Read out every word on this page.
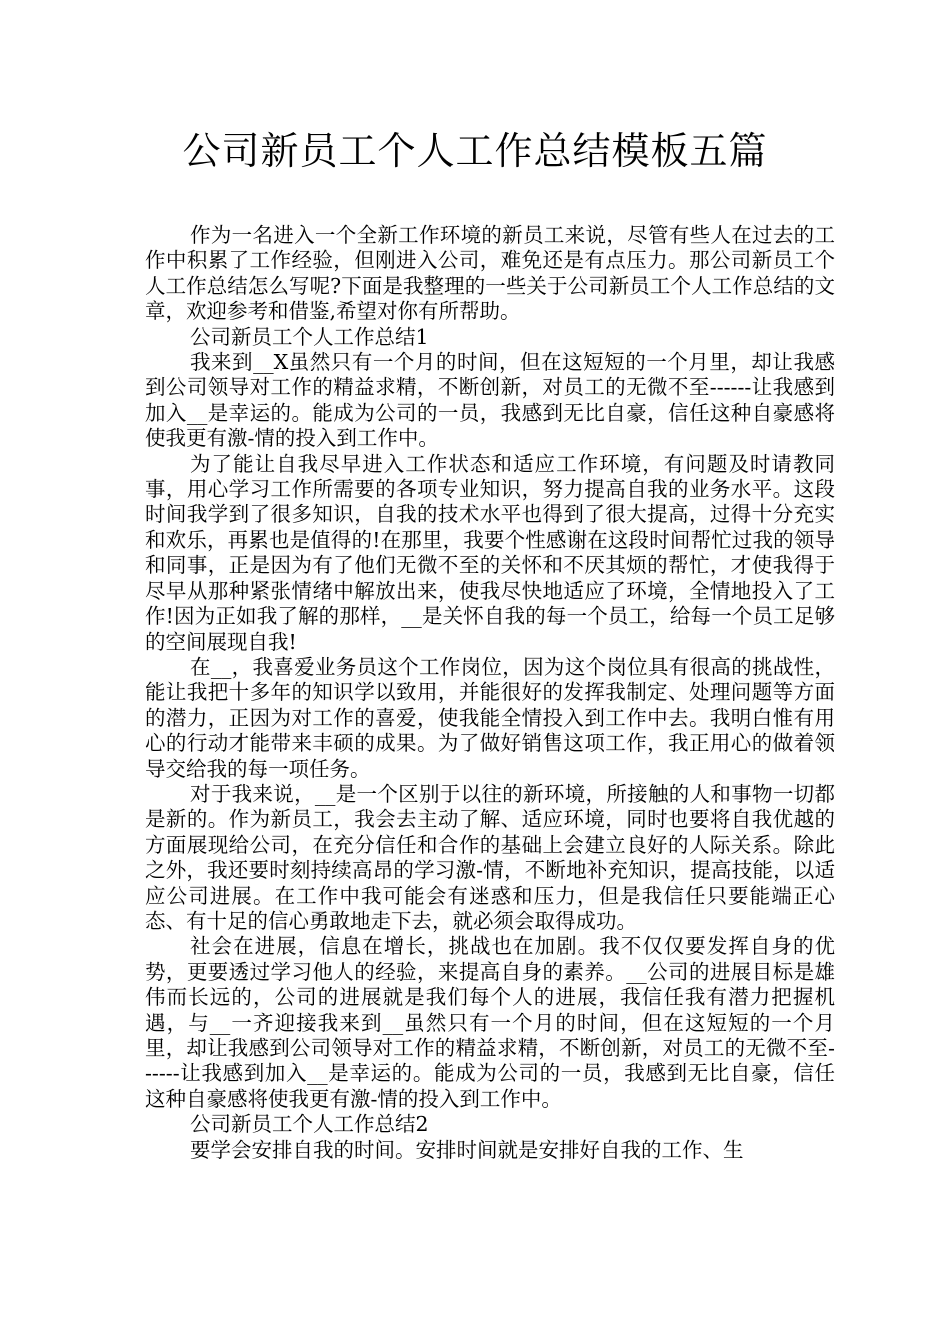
公司新员工个人工作总结模板五篇

作为一名进入一个全新工作环境的新员工来说，尽管有些人在过去的工作中积累了工作经验，但刚进入公司，难免还是有点压力。那公司新员工个人工作总结怎么写呢?下面是我整理的一些关于公司新员工个人工作总结的文章，欢迎参考和借鉴,希望对你有所帮助。

公司新员工个人工作总结1

我来到__X虽然只有一个月的时间，但在这短短的一个月里，却让我感到公司领导对工作的精益求精，不断创新，对员工的无微不至------让我感到加入__是幸运的。能成为公司的一员，我感到无比自豪，信任这种自豪感将使我更有激-情的投入到工作中。

为了能让自我尽早进入工作状态和适应工作环境，有问题及时请教同事，用心学习工作所需要的各项专业知识，努力提高自我的业务水平。这段时间我学到了很多知识，自我的技术水平也得到了很大提高，过得十分充实和欢乐，再累也是值得的!在那里，我要个性感谢在这段时间帮忙过我的领导和同事，正是因为有了他们无微不至的关怀和不厌其烦的帮忙，才使我得于尽早从那种紧张情绪中解放出来，使我尽快地适应了环境，全情地投入了工作!因为正如我了解的那样，__是关怀自我的每一个员工，给每一个员工足够的空间展现自我!

在__，我喜爱业务员这个工作岗位，因为这个岗位具有很高的挑战性，能让我把十多年的知识学以致用，并能很好的发挥我制定、处理问题等方面的潜力，正因为对工作的喜爱，使我能全情投入到工作中去。我明白惟有用心的行动才能带来丰硕的成果。为了做好销售这项工作，我正用心的做着领导交给我的每一项任务。

对于我来说，__是一个区别于以往的新环境，所接触的人和事物一切都是新的。作为新员工，我会去主动了解、适应环境，同时也要将自我优越的方面展现给公司，在充分信任和合作的基础上会建立良好的人际关系。除此之外，我还要时刻持续高昂的学习激-情，不断地补充知识，提高技能，以适应公司进展。在工作中我可能会有迷惑和压力，但是我信任只要能端正心态、有十足的信心勇敢地走下去，就必须会取得成功。

社会在进展，信息在增长，挑战也在加剧。我不仅仅要发挥自身的优势，更要透过学习他人的经验，来提高自身的素养。__公司的进展目标是雄伟而长远的，公司的进展就是我们每个人的进展，我信任我有潜力把握机遇，与__一齐迎接我来到__虽然只有一个月的时间，但在这短短的一个月里，却让我感到公司领导对工作的精益求精，不断创新，对员工的无微不至------让我感到加入__是幸运的。能成为公司的一员，我感到无比自豪，信任这种自豪感将使我更有激-情的投入到工作中。

公司新员工个人工作总结2

要学会安排自我的时间。安排时间就是安排好自我的工作、生
